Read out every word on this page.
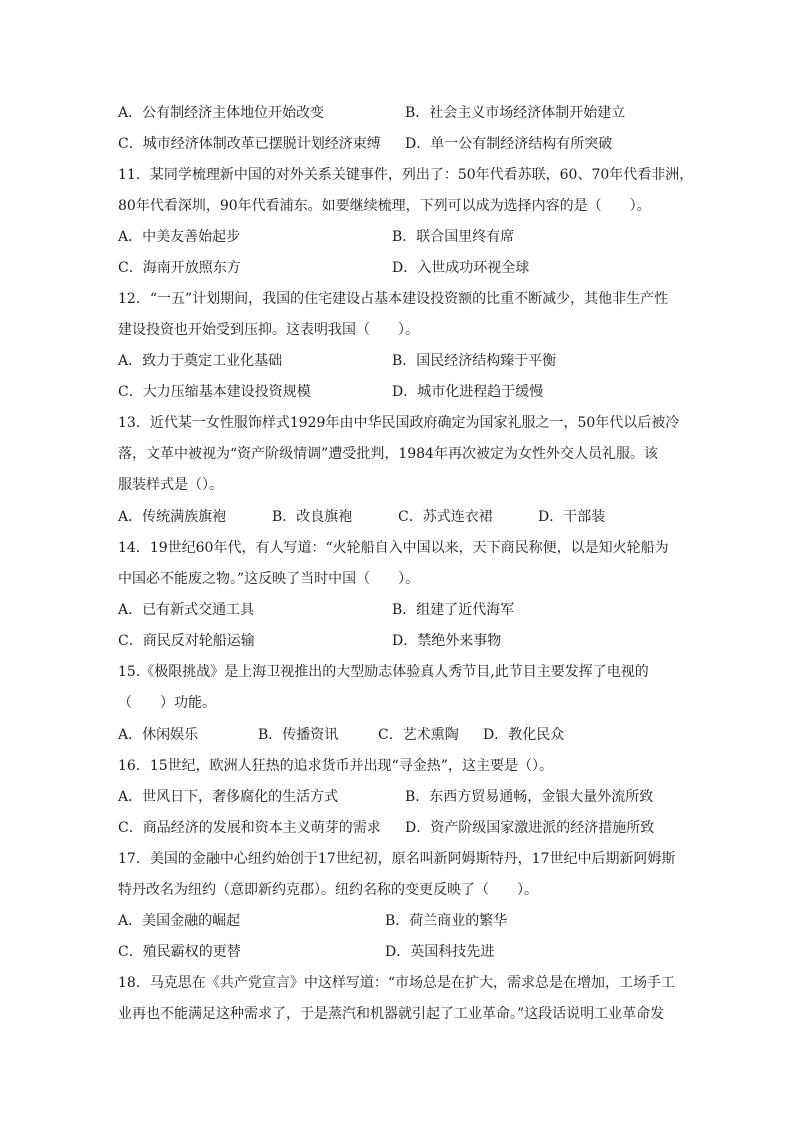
A．公有制经济主体地位开始改变	B．社会主义市场经济体制开始建立
C．城市经济体制改革已摆脱计划经济束缚 D．单一公有制经济结构有所突破
11．某同学梳理新中国的对外关系关键事件，列出了：50年代看苏联，60、70年代看非洲，
80年代看深圳，90年代看浦东。如要继续梳理，下列可以成为选择内容的是（　　）。
A．中美友善始起步	B．联合国里终有席
C．海南开放照东方	D．入世成功环视全球
12．“一五”计划期间，我国的住宅建设占基本建设投资额的比重不断减少，其他非生产性
建设投资也开始受到压抑。这表明我国（　　）。
A．致力于奠定工业化基础	B．国民经济结构臻于平衡
C．大力压缩基本建设投资规模	D．城市化进程趋于缓慢
13．近代某一女性服饰样式1929年由中华民国政府确定为国家礼服之一，50年代以后被冷
落，文革中被视为“资产阶级情调”遭受批判，1984年再次被定为女性外交人员礼服。该
服装样式是（）。
A．传统满族旗袍	B．改良旗袍	C．苏式连衣裙	D．干部装
14．19世纪60年代，有人写道：“火轮船自入中国以来，天下商民称便，以是知火轮船为
中国必不能废之物。”这反映了当时中国（　　）。
A．已有新式交通工具	B．组建了近代海军
C．商民反对轮船运输	D．禁绝外来事物
15.《极限挑战》是上海卫视推出的大型励志体验真人秀节目,此节目主要发挥了电视的
（　　）功能。
A．休闲娱乐	B．传播资讯	C．艺术熏陶 D．教化民众
16．15世纪，欧洲人狂热的追求货币并出现“寻金热”，这主要是（）。
A．世风日下，奢侈腐化的生活方式	B．东西方贸易通畅，金银大量外流所致
C．商品经济的发展和资本主义萌芽的需求 D．资产阶级国家激进派的经济措施所致
17．美国的金融中心纽约始创于17世纪初，原名叫新阿姆斯特丹，17世纪中后期新阿姆斯
特丹改名为纽约（意即新约克郡）。纽约名称的变更反映了（　　）。
A．美国金融的崛起	B．荷兰商业的繁华
C．殖民霸权的更替	D．英国科技先进
18．马克思在《共产党宣言》中这样写道：“市场总是在扩大，需求总是在增加，工场手工
业再也不能满足这种需求了，于是蒸汽和机器就引起了工业革命。”这段话说明工业革命发
